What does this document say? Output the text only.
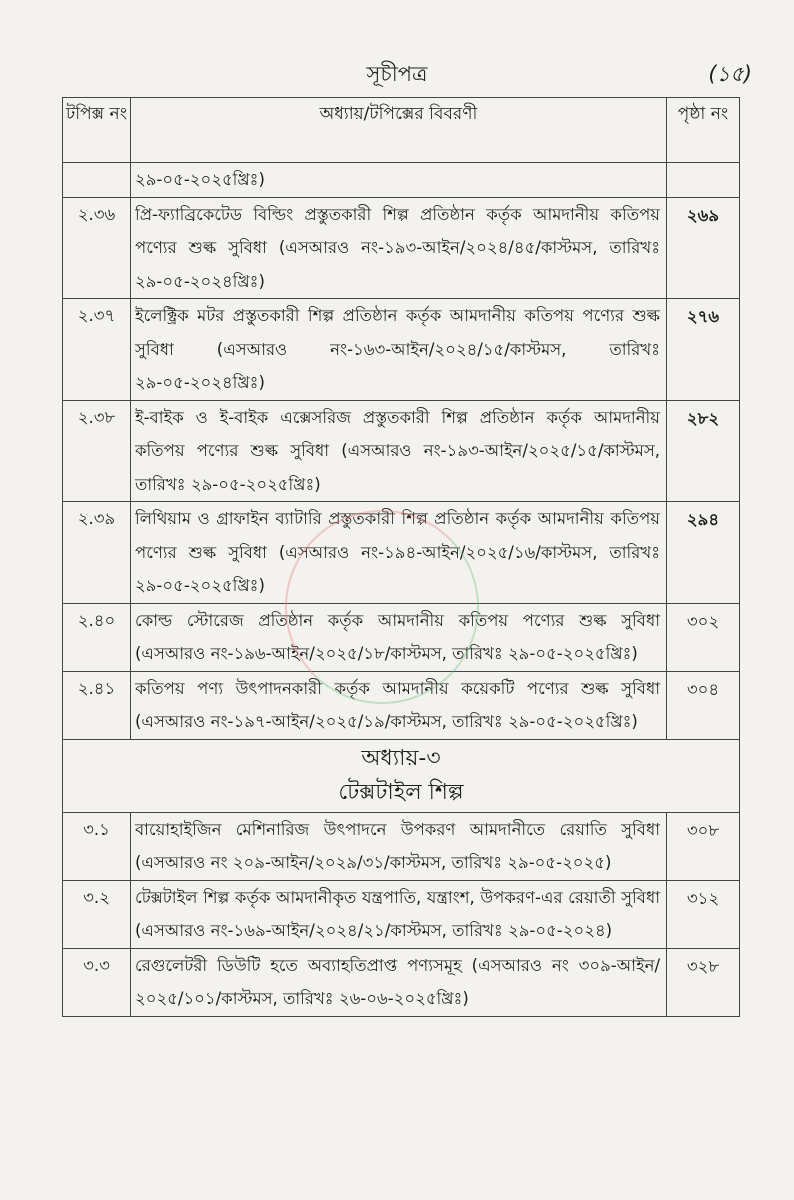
সূচীপত্র	(১৫)
টপিক্স নং	অধ্যায়/টপিক্সের বিবরণী	পৃষ্ঠা নং
	২৯-০৫-২০২৫খ্রিঃ)	
২.৩৬	প্রি-ফ্যাব্রিকেটেড বিল্ডিং প্রস্তুতকারী শিল্প প্রতিষ্ঠান কর্তৃক আমদানীয় কতিপয় পণ্যের শুল্ক সুবিধা (এসআরও নং-১৯৩-আইন/২০২৪/৪৫/কাস্টমস, তারিখঃ ২৯-০৫-২০২৪খ্রিঃ)	২৬৯
২.৩৭	ইলেক্ট্রিক মটর প্রস্তুতকারী শিল্প প্রতিষ্ঠান কর্তৃক আমদানীয় কতিপয় পণ্যের শুল্ক সুবিধা (এসআরও নং-১৬৩-আইন/২০২৪/১৫/কাস্টমস, তারিখঃ ২৯-০৫-২০২৪খ্রিঃ)	২৭৬
২.৩৮	ই-বাইক ও ই-বাইক এক্সেসরিজ প্রস্তুতকারী শিল্প প্রতিষ্ঠান কর্তৃক আমদানীয় কতিপয় পণ্যের শুল্ক সুবিধা (এসআরও নং-১৯৩-আইন/২০২৫/১৫/কাস্টমস, তারিখঃ ২৯-০৫-২০২৫খ্রিঃ)	২৮২
২.৩৯	লিথিয়াম ও গ্রাফাইন ব্যাটারি প্রস্তুতকারী শিল্প প্রতিষ্ঠান কর্তৃক আমদানীয় কতিপয় পণ্যের শুল্ক সুবিধা (এসআরও নং-১৯৪-আইন/২০২৫/১৬/কাস্টমস, তারিখঃ ২৯-০৫-২০২৫খ্রিঃ)	২৯৪
২.৪০	কোল্ড স্টোরেজ প্রতিষ্ঠান কর্তৃক আমদানীয় কতিপয় পণ্যের শুল্ক সুবিধা (এসআরও নং-১৯৬-আইন/২০২৫/১৮/কাস্টমস, তারিখঃ ২৯-০৫-২০২৫খ্রিঃ)	৩০২
২.৪১	কতিপয় পণ্য উৎপাদনকারী কর্তৃক আমদানীয় কয়েকটি পণ্যের শুল্ক সুবিধা (এসআরও নং-১৯৭-আইন/২০২৫/১৯/কাস্টমস, তারিখঃ ২৯-০৫-২০২৫খ্রিঃ)	৩০৪

অধ্যায়-৩
টেক্সটাইল শিল্প		

৩.১	বায়োহাইজিন মেশিনারিজ উৎপাদনে উপকরণ আমদানীতে রেয়াতি সুবিধা (এসআরও নং ২০৯-আইন/২০২৯/৩১/কাস্টমস, তারিখঃ ২৯-০৫-২০২৫)	৩০৮
৩.২	টেক্সটাইল শিল্প কর্তৃক আমদানীকৃত যন্ত্রপাতি, যন্ত্রাংশ, উপকরণ-এর রেয়াতী সুবিধা (এসআরও নং-১৬৯-আইন/২০২৪/২১/কাস্টমস, তারিখঃ ২৯-০৫-২০২৪)	৩১২
৩.৩	রেগুলেটরী ডিউটি হতে অব্যাহতিপ্রাপ্ত পণ্যসমূহ (এসআরও নং ৩০৯-আইন/২০২৫/১০১/কাস্টমস, তারিখঃ ২৬-০৬-২০২৫খ্রিঃ)	৩২৮
